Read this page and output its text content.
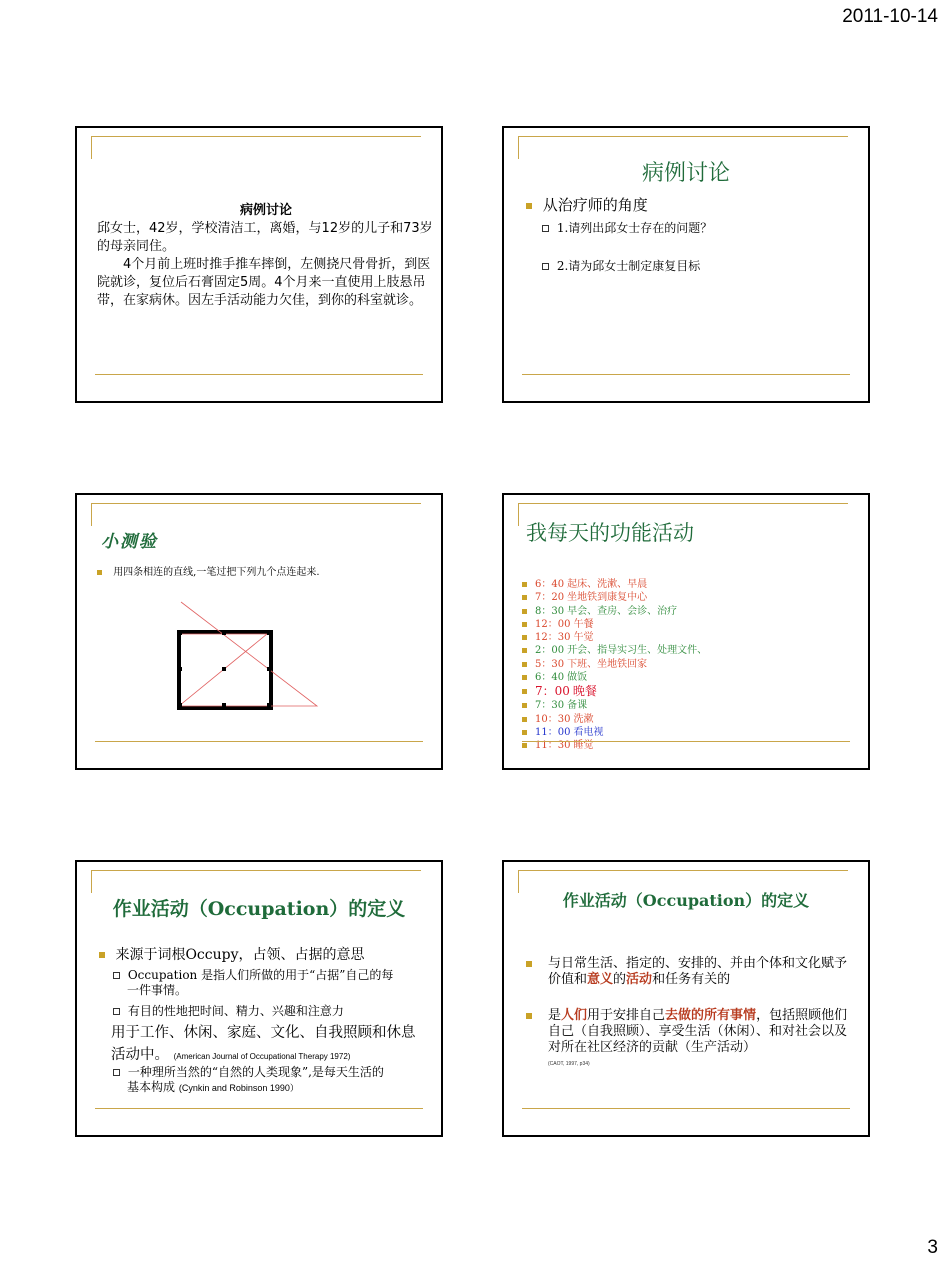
2011-10-14
病例讨论

邱女士，42岁，学校清洁工，离婚，与12岁的儿子和73岁的母亲同住。

4个月前上班时推手推车摔倒，左侧挠尺骨骨折，到医院就诊，复位后石膏固定5周。4个月来一直使用上肢悬吊带，在家病休。因左手活动能力欠佳，到你的科室就诊。

病例讨论
从治疗师的角度
1.请列出邱女士存在的问题？
2.请为邱女士制定康复目标
小测验
用四条相连的直线,一笔过把下列九个点连起来.
我每天的功能活动
6：40 起床、洗漱、早晨
7：20 坐地铁到康复中心
8：30 早会、查房、会诊、治疗
12：00 午餐
12：30 午觉
2：00 开会、指导实习生、处理文件、
5：30 下班、坐地铁回家
6：40 做饭
7：00 晚餐
7：30 备课
10：30 洗漱
11：00 看电视
11：30 睡觉
作业活动（Occupation）的定义
来源于词根Occupy，占领、占据的意思
Occupation 是指人们所做的用于“占据”自己的每
一件事情。
有目的性地把时间、精力、兴趣和注意力
用于工作、休闲、家庭、文化、自我照顾和休息
活动中。 (American Journal of Occupational Therapy 1972)
一种理所当然的“自然的人类现象”,是每天生活的
基本构成 (Cynkin and Robinson 1990）
作业活动（Occupation）的定义
与日常生活、指定的、安排的、并由个体和文化赋予价值和意义的活动和任务有关的
是人们用于安排自己去做的所有事情，包括照顾他们自己（自我照顾）、享受生活（休闲）、和对社会以及对所在社区经济的贡献（生产活动）
(CAOT, 1997, p34)
3
